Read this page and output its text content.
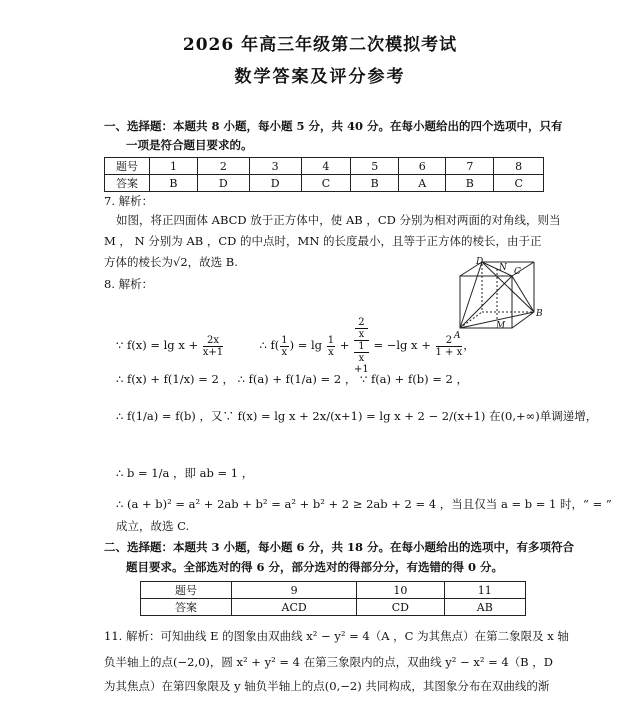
2026 年高三年级第二次模拟考试
数学答案及评分参考
一、选择题：本题共 8 小题，每小题 5 分，共 40 分。在每小题给出的四个选项中，只有
一项是符合题目要求的。
题号	1	2	3	4	5	6	7	8
答案	B	D	D	C	B	A	B	C
7. 解析：
如图，将正四面体 ABCD 放于正方体中，使 AB ，CD 分别为相对两面的对角线，则当
M ， N 分别为 AB ，CD 的中点时，MN 的长度最小，且等于正方体的棱长，由于正
方体的棱长为√2，故选 B.
8. 解析：
∵ $f(x) = \lg x + \frac{2x}{x+1}$	∴ $f( \frac{1}{x}$ ) = $\lg \frac{1}{x} + 2$
x
1
x
+1 = −lg $x + \frac{2}{1 + x}$ ，
∴ f(x) + f(1/x) = 2 ， ∴ f(a) + f(1/a) = 2 ， ∵ f(a) + f(b) = 2 ，
∴ f(1/a) = f(b) ，又∵ f(x) = lg x + 2x/(x+1) = lg x + 2 − 2/(x+1) 在(0,+∞)单调递增，
∴ b = 1/a ，即 ab = 1 ，
∴ (a + b)² = a² + 2ab + b² = a² + b² + 2 ≥ 2ab + 2 = 4 ，当且仅当 a = b = 1 时，“ = ”
成立，故选 C.
二、选择题：本题共 3 小题，每小题 6 分，共 18 分。在每小题给出的选项中，有多项符合
题目要求。全部选对的得 6 分，部分选对的得部分分，有选错的得 0 分。
题号	9	10	11
答案	ACD	CD	AB
11. 解析：可知曲线 E 的图象由双曲线 x² − y² = 4（A ，C 为其焦点）在第二象限及 x 轴
负半轴上的点(−2,0)，圆 x² + y² = 4 在第三象限内的点，双曲线 y² − x² = 4（B ，D
为其焦点）在第四象限及 y 轴负半轴上的点(0,−2) 共同构成，其图象分布在双曲线的渐
D
C
B
A
M
N
